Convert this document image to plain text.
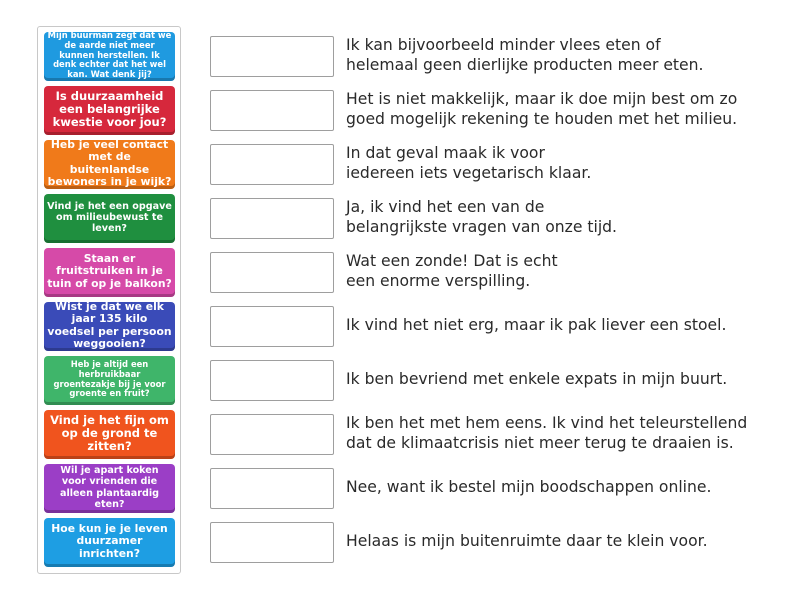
Mijn buurman zegt dat we de aarde niet meer kunnen herstellen. Ik denk echter dat het wel kan. Wat denk jij?
Is duurzaamheid een belangrijke kwestie voor jou?
Heb je veel contact met de buitenlandse bewoners in je wijk?
Vind je het een opgave om milieubewust te leven?
Staan er fruitstruiken in je tuin of op je balkon?
Wist je dat we elk jaar 135 kilo voedsel per persoon weggooien?
Heb je altijd een herbruikbaar groentezakje bij je voor groente en fruit?
Vind je het fijn om op de grond te zitten?
Wil je apart koken voor vrienden die alleen plantaardig eten?
Hoe kun je je leven duurzamer inrichten?
Ik kan bijvoorbeeld minder vlees eten of
helemaal geen dierlijke producten meer eten.
Het is niet makkelijk, maar ik doe mijn best om zo
goed mogelijk rekening te houden met het milieu.
In dat geval maak ik voor
iedereen iets vegetarisch klaar.
Ja, ik vind het een van de
belangrijkste vragen van onze tijd.
Wat een zonde! Dat is echt
een enorme verspilling.
Ik vind het niet erg, maar ik pak liever een stoel.
Ik ben bevriend met enkele expats in mijn buurt.
Ik ben het met hem eens. Ik vind het teleurstellend
dat de klimaatcrisis niet meer terug te draaien is.
Nee, want ik bestel mijn boodschappen online.
Helaas is mijn buitenruimte daar te klein voor.
